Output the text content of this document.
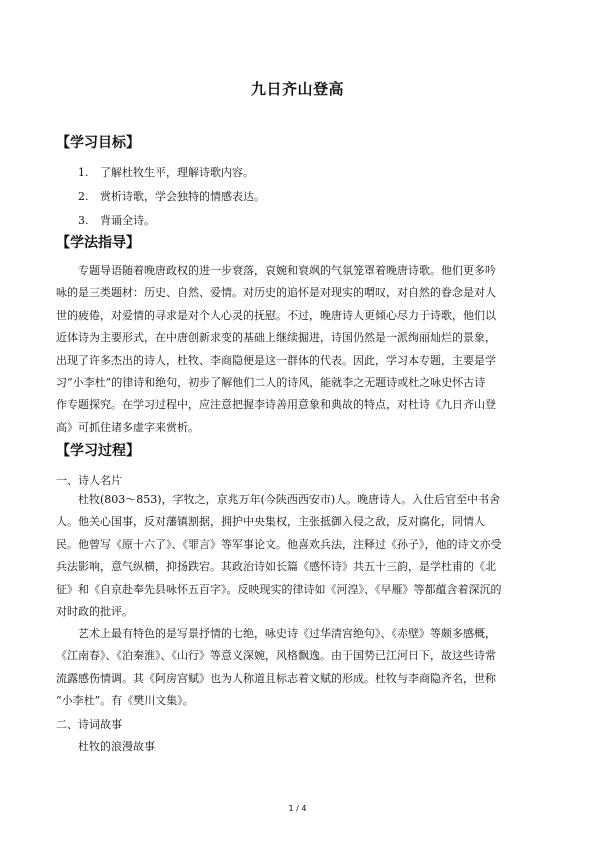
九日齐山登高
【学习目标】
1. 了解杜牧生平，理解诗歌内容。
2. 赏析诗歌，学会独特的情感表达。
3. 背诵全诗。
【学法指导】
专题导语随着晚唐政权的进一步衰落，哀婉和衰飒的气氛笼罩着晚唐诗歌。他们更多吟
咏的是三类题材：历史、自然、爱情。对历史的追怀是对现实的喟叹，对自然的眷念是对人
世的疲倦，对爱情的寻求是对个人心灵的抚慰。不过，晚唐诗人更倾心尽力于诗歌，他们以
近体诗为主要形式，在中唐创新求变的基础上继续掘进，诗国仍然是一派绚丽灿烂的景象，
出现了许多杰出的诗人，杜牧、李商隐便是这一群体的代表。因此，学习本专题，主要是学
习“小李杜”的律诗和绝句，初步了解他们二人的诗风，能就李之无题诗或杜之咏史怀古诗
作专题探究。在学习过程中，应注意把握李诗善用意象和典故的特点，对杜诗《九日齐山登
高》可抓住诸多虚字来赏析。
【学习过程】
一、诗人名片
杜牧(803～853)，字牧之，京兆万年(今陕西西安市)人。晚唐诗人。入仕后官至中书舍
人。他关心国事，反对藩镇割据，拥护中央集权，主张抵御入侵之敌，反对腐化，同情人
民。他曾写《原十六了》、《罪言》等军事论文。他喜欢兵法，注释过《孙子》，他的诗文亦受
兵法影响，意气纵横，抑扬跌宕。其政治诗如长篇《感怀诗》共五十三韵，是学杜甫的《北
征》和《自京赴奉先县咏怀五百字》。反映现实的律诗如《河湟》、《早雁》等都蕴含着深沉的
对时政的批评。
艺术上最有特色的是写景抒情的七绝，咏史诗《过华清宫绝句》、《赤壁》等颇多感概，
《江南春》、《泊秦淮》、《山行》等意义深婉，风格飘逸。由于国势已江河日下，故这些诗常
流露感伤情调。其《阿房宫赋》也为人称道且标志着文赋的形成。杜牧与李商隐齐名，世称
“小李杜”。有《樊川文集》。
二、诗词故事
杜牧的浪漫故事
1 / 4
